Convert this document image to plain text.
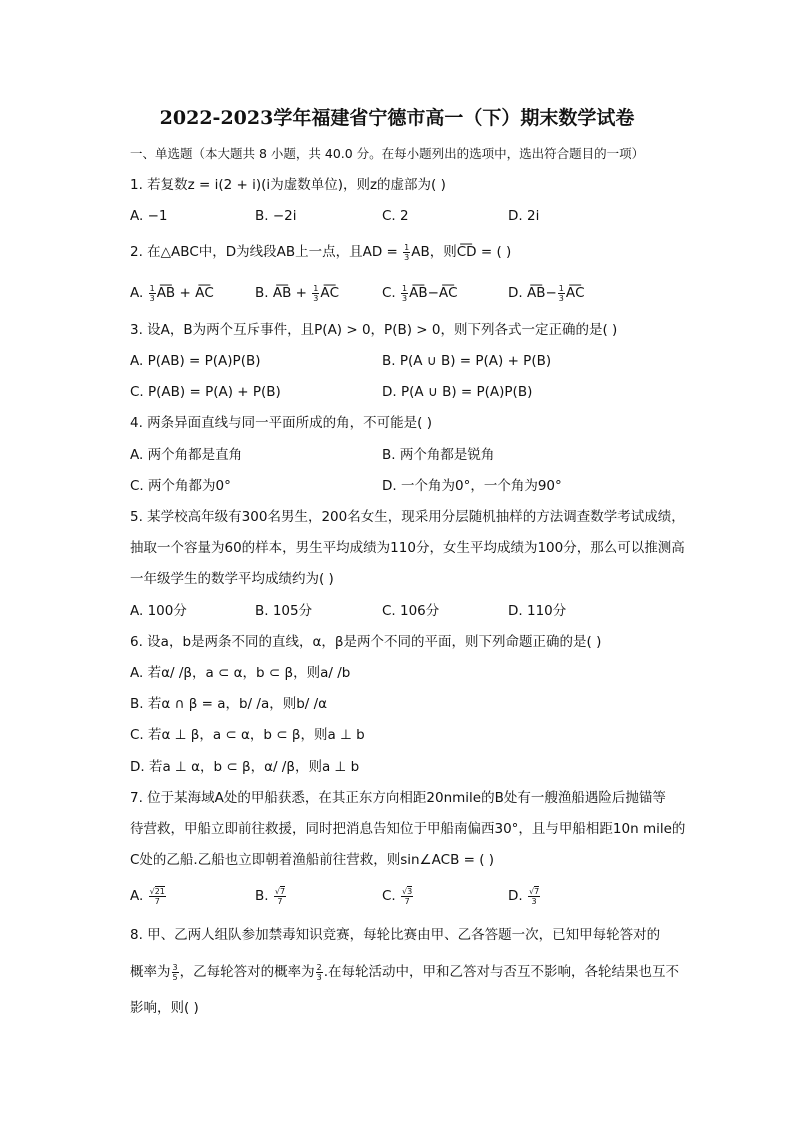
2022-2023学年福建省宁德市高一（下）期末数学试卷
一、单选题（本大题共 8 小题，共 40.0 分。在每小题列出的选项中，选出符合题目的一项）
1. 若复数z = i(2 + i)(i为虚数单位)，则z的虚部为( )
A. −1	B. −2i	C. 2	D. 2i
2. 在△ABC中，D为线段AB上一点，且AD = $\frac{1}{3}$ AB，则C͞D = ( )
A. $\frac{1}{3}$ A͞B + A͞C	B. A͞B + $\frac{1}{3}$ A͞C	C. $\frac{1}{3}$ A͞B−A͞C	D. A͞B− $\frac{1}{3}$ A͞C
3. 设A，B为两个互斥事件，且P(A) > 0，P(B) > 0，则下列各式一定正确的是( )
A. P(AB) = P(A)P(B)	B. P(A ∪ B) = P(A) + P(B)
C. P(AB) = P(A) + P(B)	D. P(A ∪ B) = P(A)P(B)
4. 两条异面直线与同一平面所成的角，不可能是( )
A. 两个角都是直角	B. 两个角都是锐角
C. 两个角都为0°	D. 一个角为0°，一个角为90°
5. 某学校高年级有300名男生，200名女生，现采用分层随机抽样的方法调查数学考试成绩，
抽取一个容量为60的样本，男生平均成绩为110分，女生平均成绩为100分，那么可以推测高
一年级学生的数学平均成绩约为( )
A. 100分	B. 105分	C. 106分	D. 110分
6. 设a，b是两条不同的直线，α，β是两个不同的平面，则下列命题正确的是( )
A. 若α/ /β，a ⊂ α，b ⊂ β，则a/ /b
B. 若α ∩ β = a，b/ /a，则b/ /α
C. 若α ⊥ β，a ⊂ α，b ⊂ β，则a ⊥ b
D. 若a ⊥ α，b ⊂ β，α/ /β，则a ⊥ b
7. 位于某海域A处的甲船获悉，在其正东方向相距20nmile的B处有一艘渔船遇险后抛锚等
待营救，甲船立即前往救援，同时把消息告知位于甲船南偏西30°，且与甲船相距10n mile的
C处的乙船.乙船也立即朝着渔船前往营救，则sin∠ACB = ( )
A. $\frac{√21}{7}$	B. $\frac{√7}{7}$	C. $\frac{√3}{7}$	D. $\frac{√7}{3}$
8. 甲、乙两人组队参加禁毒知识竞赛，每轮比赛由甲、乙各答题一次，已知甲每轮答对的
概率为 $\frac{3}{5}$ ，乙每轮答对的概率为 $\frac{2}{3}$ .在每轮活动中，甲和乙答对与否互不影响，各轮结果也互不
影响，则( )
